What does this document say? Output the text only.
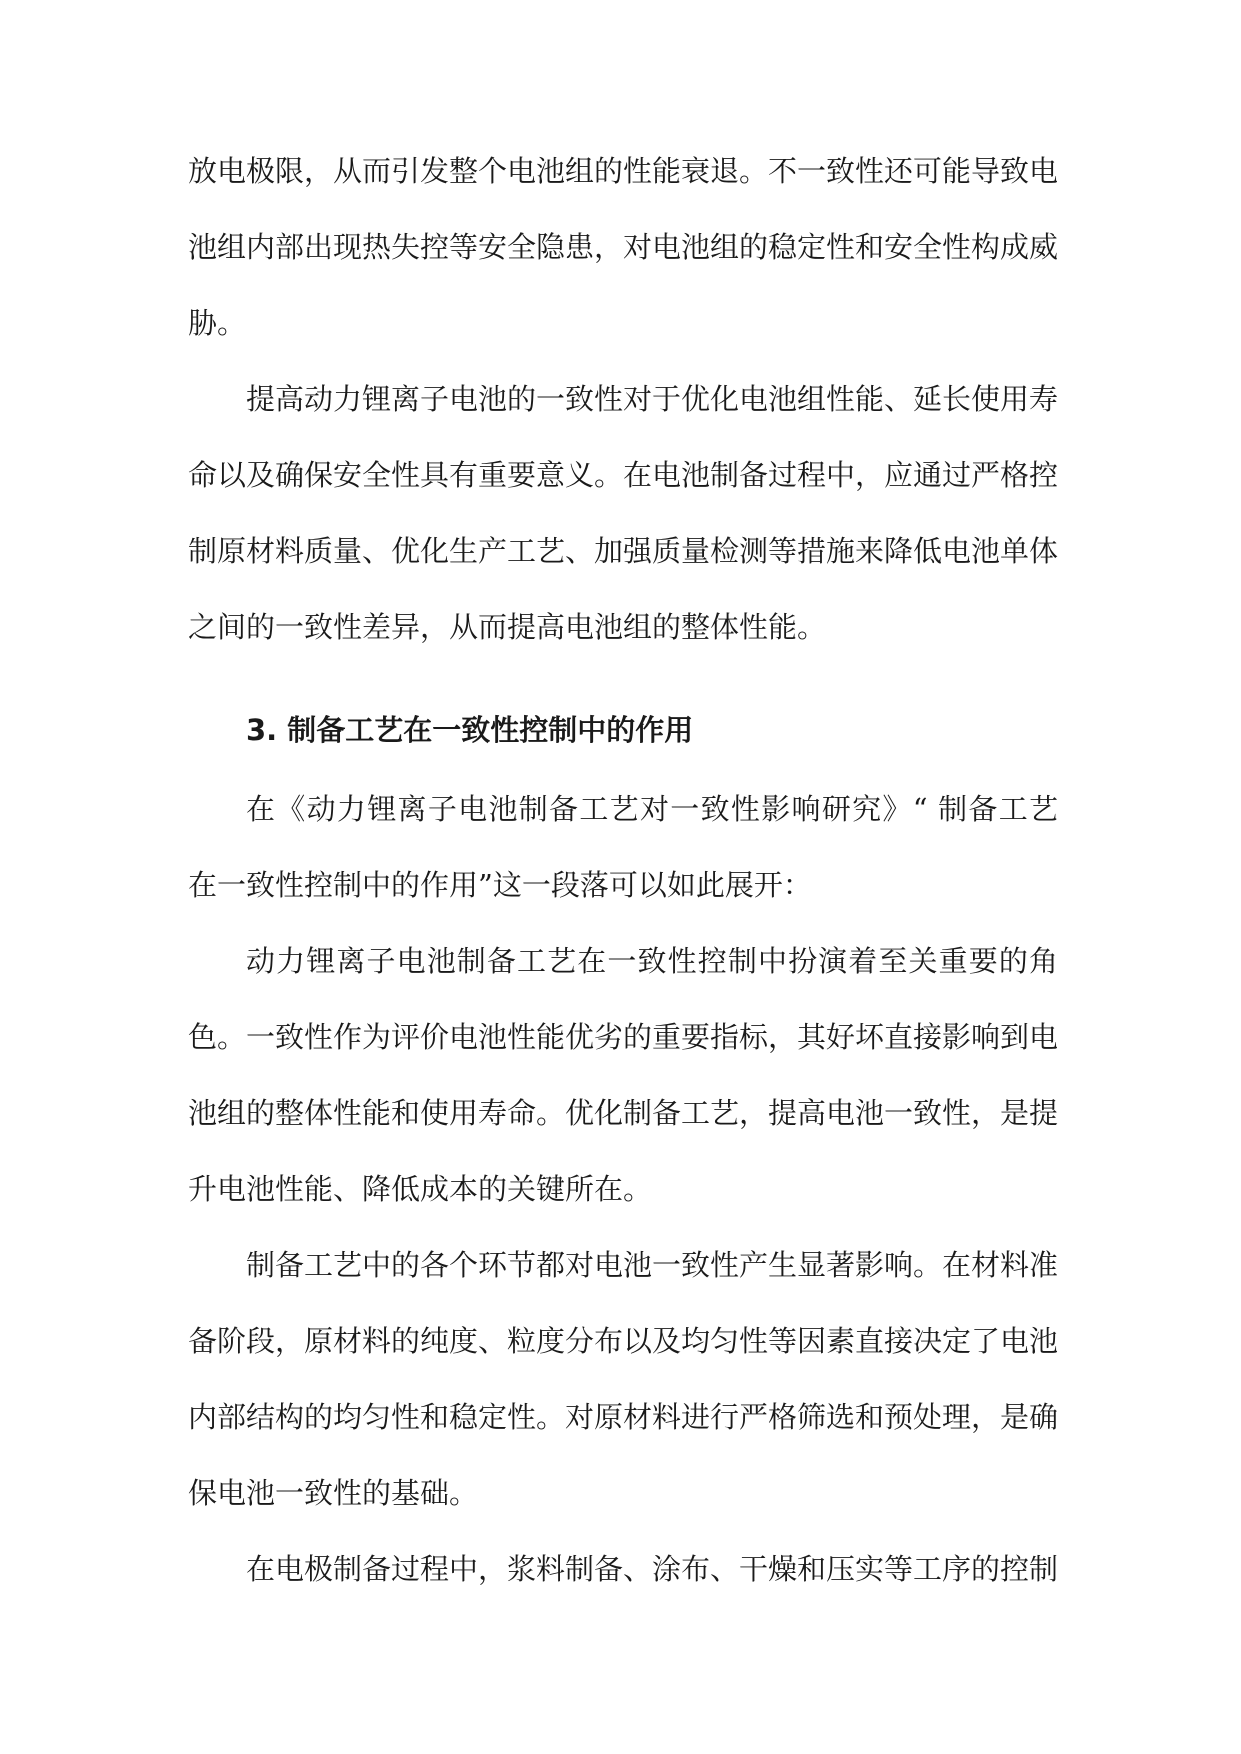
放电极限，从而引发整个电池组的性能衰退。不一致性还可能导致电
池组内部出现热失控等安全隐患，对电池组的稳定性和安全性构成威
胁。
提高动力锂离子电池的一致性对于优化电池组性能、延长使用寿
命以及确保安全性具有重要意义。在电池制备过程中，应通过严格控
制原材料质量、优化生产工艺、加强质量检测等措施来降低电池单体
之间的一致性差异，从而提高电池组的整体性能。
3. 制备工艺在一致性控制中的作用
在《动力锂离子电池制备工艺对一致性影响研究》“ 制备工艺
在一致性控制中的作用”这一段落可以如此展开：
动力锂离子电池制备工艺在一致性控制中扮演着至关重要的角
色。一致性作为评价电池性能优劣的重要指标，其好坏直接影响到电
池组的整体性能和使用寿命。优化制备工艺，提高电池一致性，是提
升电池性能、降低成本的关键所在。
制备工艺中的各个环节都对电池一致性产生显著影响。在材料准
备阶段，原材料的纯度、粒度分布以及均匀性等因素直接决定了电池
内部结构的均匀性和稳定性。对原材料进行严格筛选和预处理，是确
保电池一致性的基础。
在电极制备过程中，浆料制备、涂布、干燥和压实等工序的控制
